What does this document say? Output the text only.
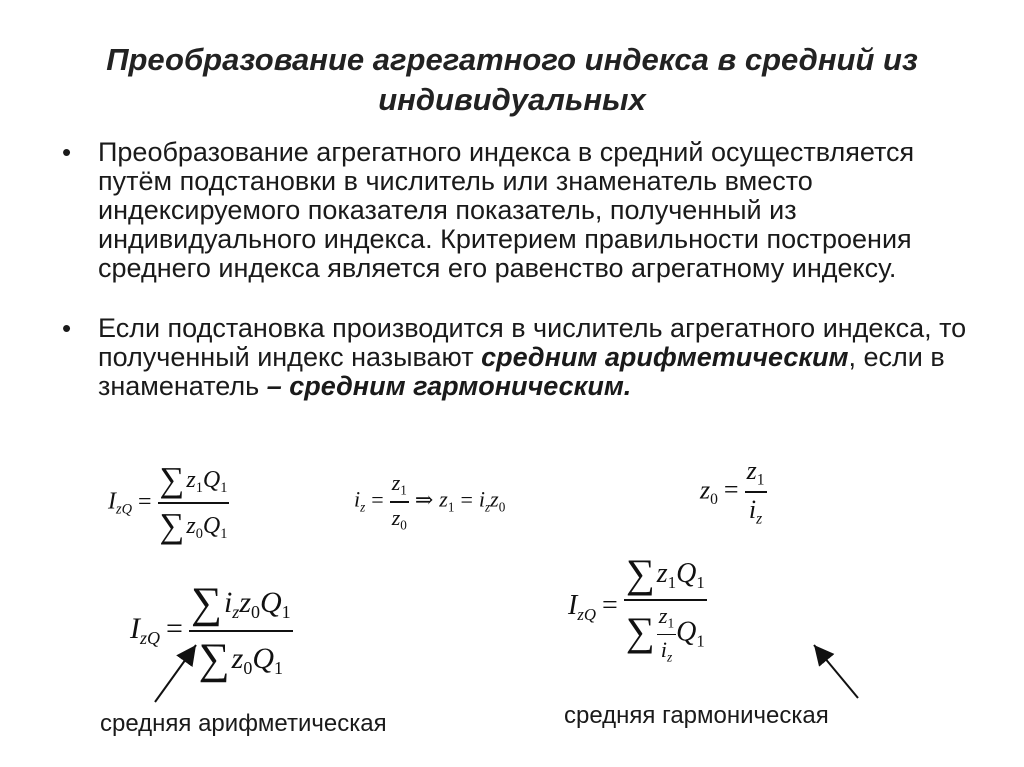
Преобразование агрегатного индекса в средний из индивидуальных
• Преобразование агрегатного индекса в средний осуществляется путём подстановки в числитель или знаменатель вместо индексируемого показателя показатель, полученный из индивидуального индекса. Критерием правильности построения среднего индекса является его равенство агрегатному индексу.
• Если подстановка производится в числитель агрегатного индекса, то полученный индекс называют средним арифметическим, если в знаменатель – средним гармоническим.
$I_{zQ} = \frac{\sum z_1Q_1}{\sum z_0Q_1}$	$i_z = \frac{z_1}{z_0}$ ⇒ $z_1 = i_zz_0$
$z_0 = \frac{z_1}{i_z}$
$I_{zQ} = \frac{\sum i_zz_0Q_1}{\sum z_0Q_1}$	$I_{zQ} = \frac{\sum z_1Q_1}{\sum \frac{z_1}{i_z} Q_1}$
средняя арифметическая	средняя гармоническая
